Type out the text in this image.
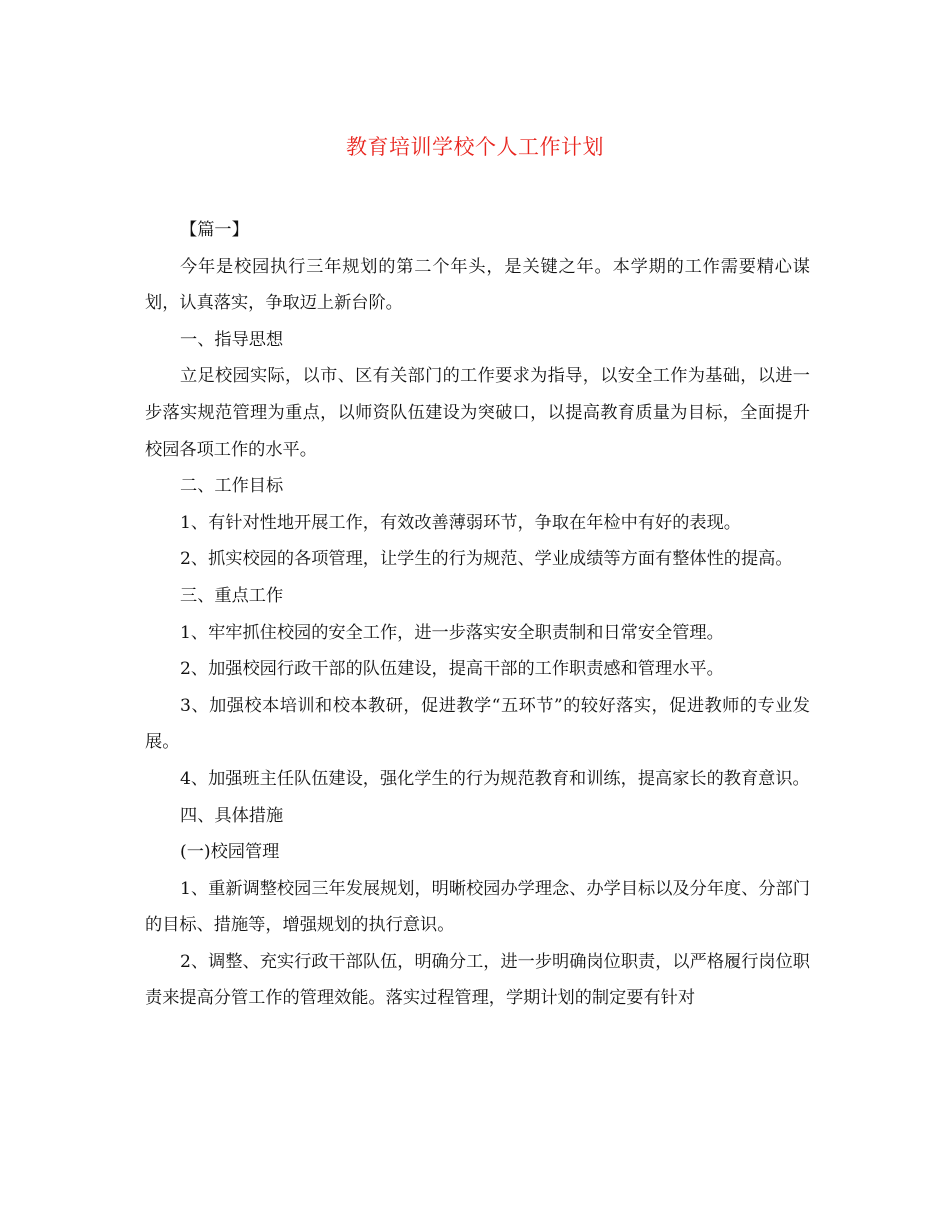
教育培训学校个人工作计划

【篇一】

今年是校园执行三年规划的第二个年头，是关键之年。本学期的工作需要精心谋划，认真落实，争取迈上新台阶。

一、指导思想

立足校园实际，以市、区有关部门的工作要求为指导，以安全工作为基础，以进一步落实规范管理为重点，以师资队伍建设为突破口，以提高教育质量为目标，全面提升校园各项工作的水平。

二、工作目标

1、有针对性地开展工作，有效改善薄弱环节，争取在年检中有好的表现。

2、抓实校园的各项管理，让学生的行为规范、学业成绩等方面有整体性的提高。

三、重点工作

1、牢牢抓住校园的安全工作，进一步落实安全职责制和日常安全管理。

2、加强校园行政干部的队伍建设，提高干部的工作职责感和管理水平。

3、加强校本培训和校本教研，促进教学“五环节”的较好落实，促进教师的专业发展。

4、加强班主任队伍建设，强化学生的行为规范教育和训练，提高家长的教育意识。

四、具体措施

(一)校园管理

1、重新调整校园三年发展规划，明晰校园办学理念、办学目标以及分年度、分部门的目标、措施等，增强规划的执行意识。

2、调整、充实行政干部队伍，明确分工，进一步明确岗位职责，以严格履行岗位职责来提高分管工作的管理效能。落实过程管理，学期计划的制定要有针对
